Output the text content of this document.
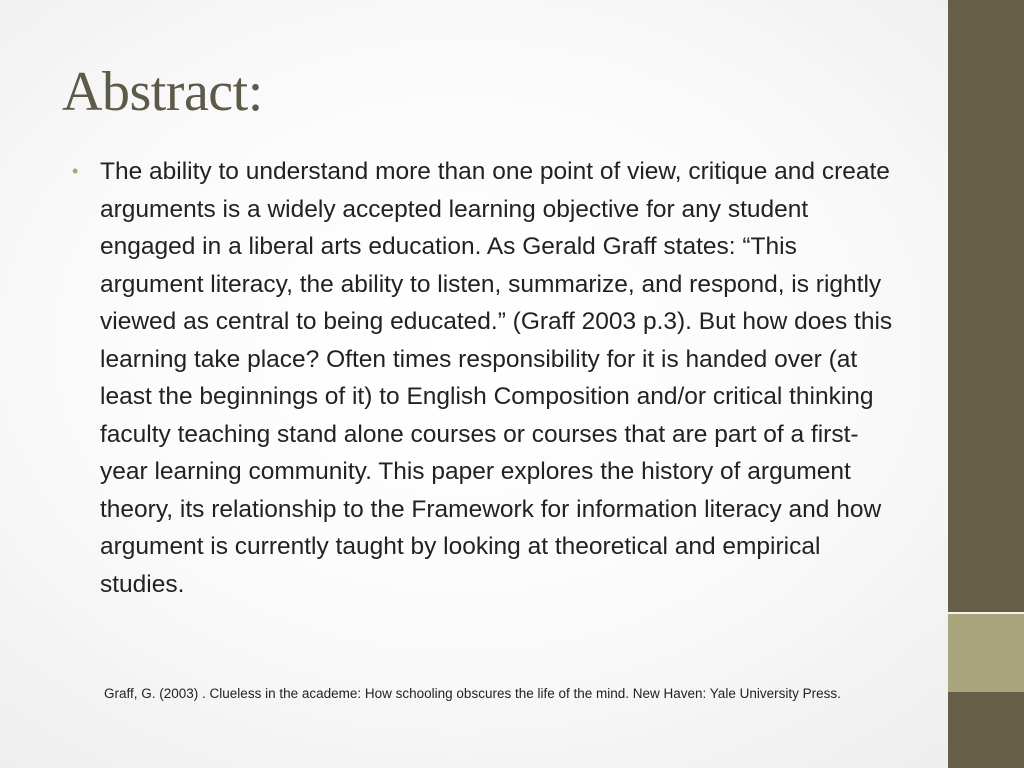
Abstract:
• The ability to understand more than one point of view, critique and create arguments is a widely accepted learning objective for any student engaged in a liberal arts education. As Gerald Graff states: “This argument literacy, the ability to listen, summarize, and respond, is rightly viewed as central to being educated.” (Graff 2003 p.3). But how does this learning take place? Often times responsibility for it is handed over (at least the beginnings of it) to English Composition and/or critical thinking faculty teaching stand alone courses or courses that are part of a first-year learning community. This paper explores the history of argument theory, its relationship to the Framework for information literacy and how argument is currently taught by looking at theoretical and empirical studies.

Graff, G. (2003) . Clueless in the academe: How schooling obscures the life of the mind. New Haven: Yale University Press.
